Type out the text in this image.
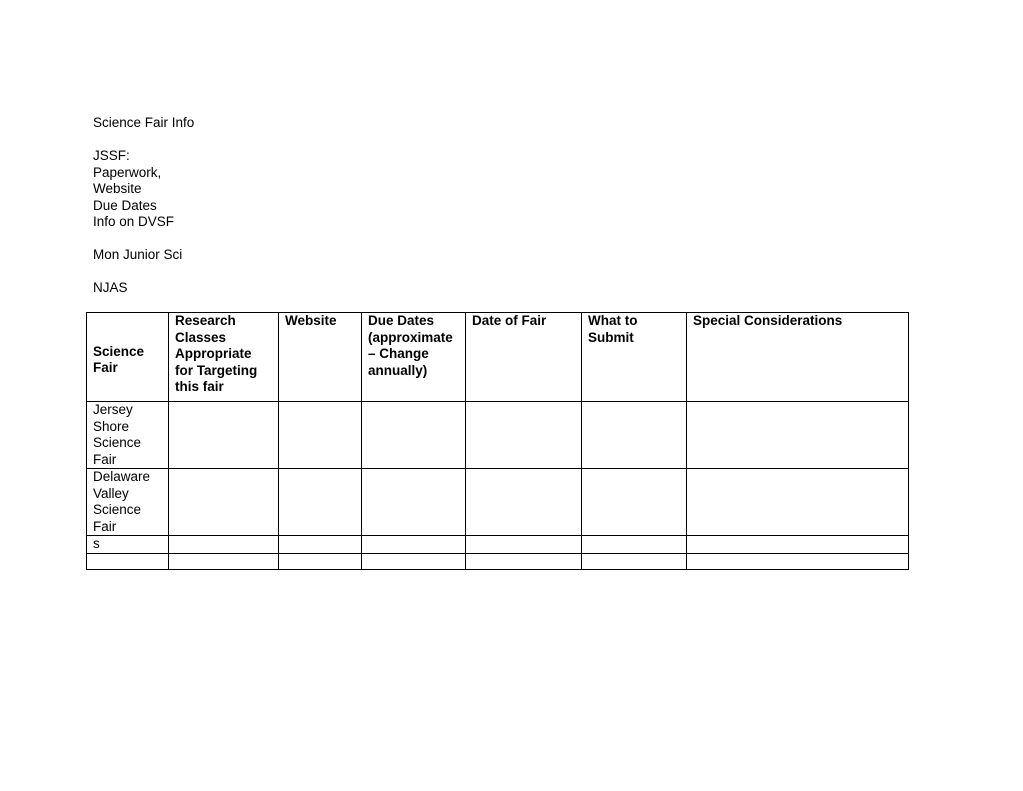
Science Fair Info
JSSF:
Paperwork,
Website
Due Dates
Info on DVSF
Mon Junior Sci
NJAS
Science Fair	Research Classes Appropriate for Targeting this fair	Website	Due Dates (approximate – Change annually)	Date of Fair	What to Submit	Special Considerations
Jersey Shore Science Fair						
Delaware Valley Science Fair						
s						
